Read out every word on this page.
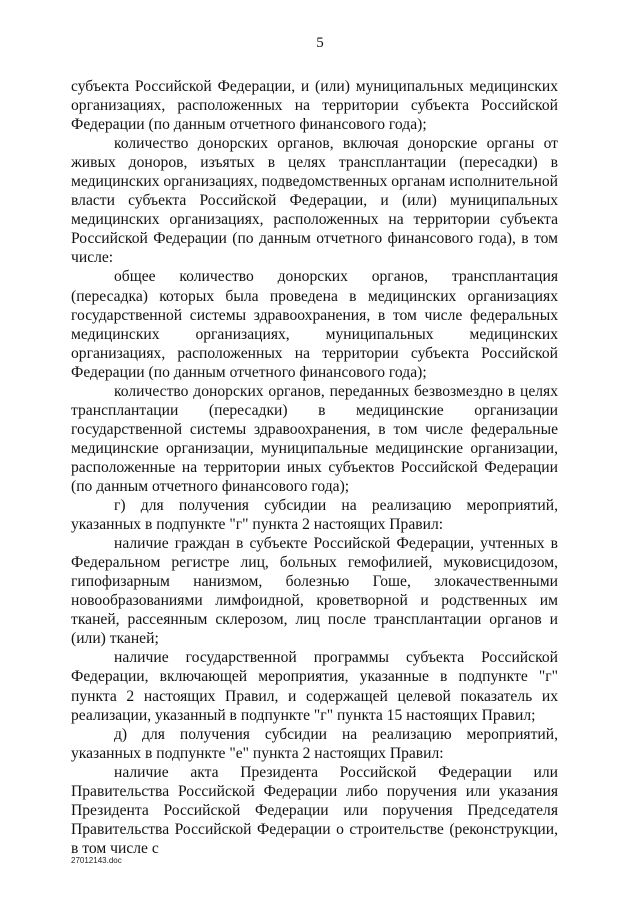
5

субъекта Российской Федерации, и (или) муниципальных медицинских организациях, расположенных на территории субъекта Российской Федерации (по данным отчетного финансового года);

количество донорских органов, включая донорские органы от живых доноров, изъятых в целях трансплантации (пересадки) в медицинских организациях, подведомственных органам исполнительной власти субъекта Российской Федерации, и (или) муниципальных медицинских организациях, расположенных на территории субъекта Российской Федерации (по данным отчетного финансового года), в том числе:

общее количество донорских органов, трансплантация (пересадка) которых была проведена в медицинских организациях государственной системы здравоохранения, в том числе федеральных медицинских организациях, муниципальных медицинских организациях, расположенных на территории субъекта Российской Федерации (по данным отчетного финансового года);

количество донорских органов, переданных безвозмездно в целях трансплантации (пересадки) в медицинские организации государственной системы здравоохранения, в том числе федеральные медицинские организации, муниципальные медицинские организации, расположенные на территории иных субъектов Российской Федерации (по данным отчетного финансового года);

г) для получения субсидии на реализацию мероприятий, указанных в подпункте "г" пункта 2 настоящих Правил:

наличие граждан в субъекте Российской Федерации, учтенных в Федеральном регистре лиц, больных гемофилией, муковисцидозом, гипофизарным нанизмом, болезнью Гоше, злокачественными новообразованиями лимфоидной, кроветворной и родственных им тканей, рассеянным склерозом, лиц после трансплантации органов и (или) тканей;

наличие государственной программы субъекта Российской Федерации, включающей мероприятия, указанные в подпункте "г" пункта 2 настоящих Правил, и содержащей целевой показатель их реализации, указанный в подпункте "г" пункта 15 настоящих Правил;

д) для получения субсидии на реализацию мероприятий, указанных в подпункте "е" пункта 2 настоящих Правил:

наличие акта Президента Российской Федерации или Правительства Российской Федерации либо поручения или указания Президента Российской Федерации или поручения Председателя Правительства Российской Федерации о строительстве (реконструкции, в том числе с

27012143.doc
